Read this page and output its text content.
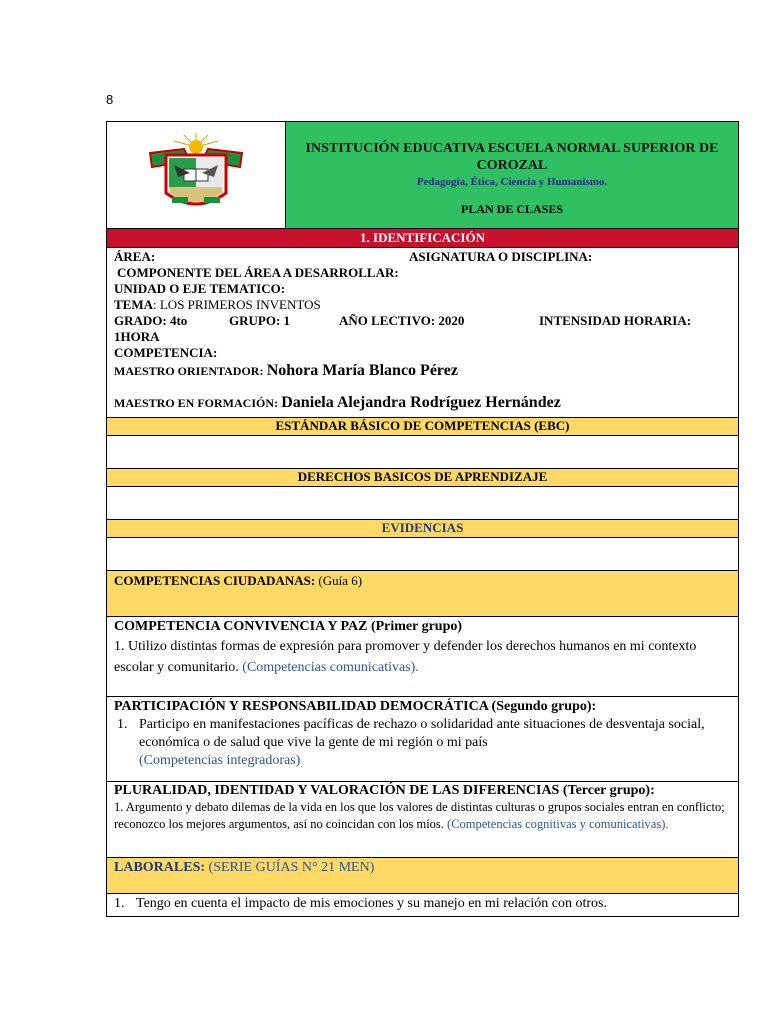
8
INSTITUCIÓN EDUCATIVA ESCUELA NORMAL SUPERIOR DE COROZAL
Pedagogía, Ética, Ciencia y Humanismo.
PLAN DE CLASES
1. IDENTIFICACIÓN
ÁREA:	ASIGNATURA O DISCIPLINA:
COMPONENTE DEL ÁREA A DESARROLLAR:
UNIDAD O EJE TEMATICO:
TEMA: LOS PRIMEROS INVENTOS
GRADO: 4to	GRUPO: 1	AÑO LECTIVO: 2020	INTENSIDAD HORARIA:
1HORA
COMPETENCIA:
MAESTRO ORIENTADOR: Nohora María Blanco Pérez
MAESTRO EN FORMACIÓN: Daniela Alejandra Rodríguez Hernández
ESTÁNDAR BÁSICO DE COMPETENCIAS (EBC)
DERECHOS BASICOS DE APRENDIZAJE
EVIDENCIAS
COMPETENCIAS CIUDADANAS: (Guía 6)
COMPETENCIA CONVIVENCIA Y PAZ (Primer grupo)
1. Utilizo distintas formas de expresión para promover y defender los derechos humanos en mi contexto escolar y comunitario. (Competencias comunicativas).
PARTICIPACIÓN Y RESPONSABILIDAD DEMOCRÁTICA (Segundo grupo):
1. Participo en manifestaciones pacíficas de rechazo o solidaridad ante situaciones de desventaja social, económica o de salud que vive la gente de mi región o mi país
(Competencias integradoras)
PLURALIDAD, IDENTIDAD Y VALORACIÓN DE LAS DIFERENCIAS (Tercer grupo):
1. Argumento y debato dilemas de la vida en los que los valores de distintas culturas o grupos sociales entran en conflicto; reconozco los mejores argumentos, así no coincidan con los míos. (Competencias cognitivas y comunicativas).
LABORALES: (SERIE GUÍAS N° 21 MEN)
1. Tengo en cuenta el impacto de mis emociones y su manejo en mi relación con otros.
